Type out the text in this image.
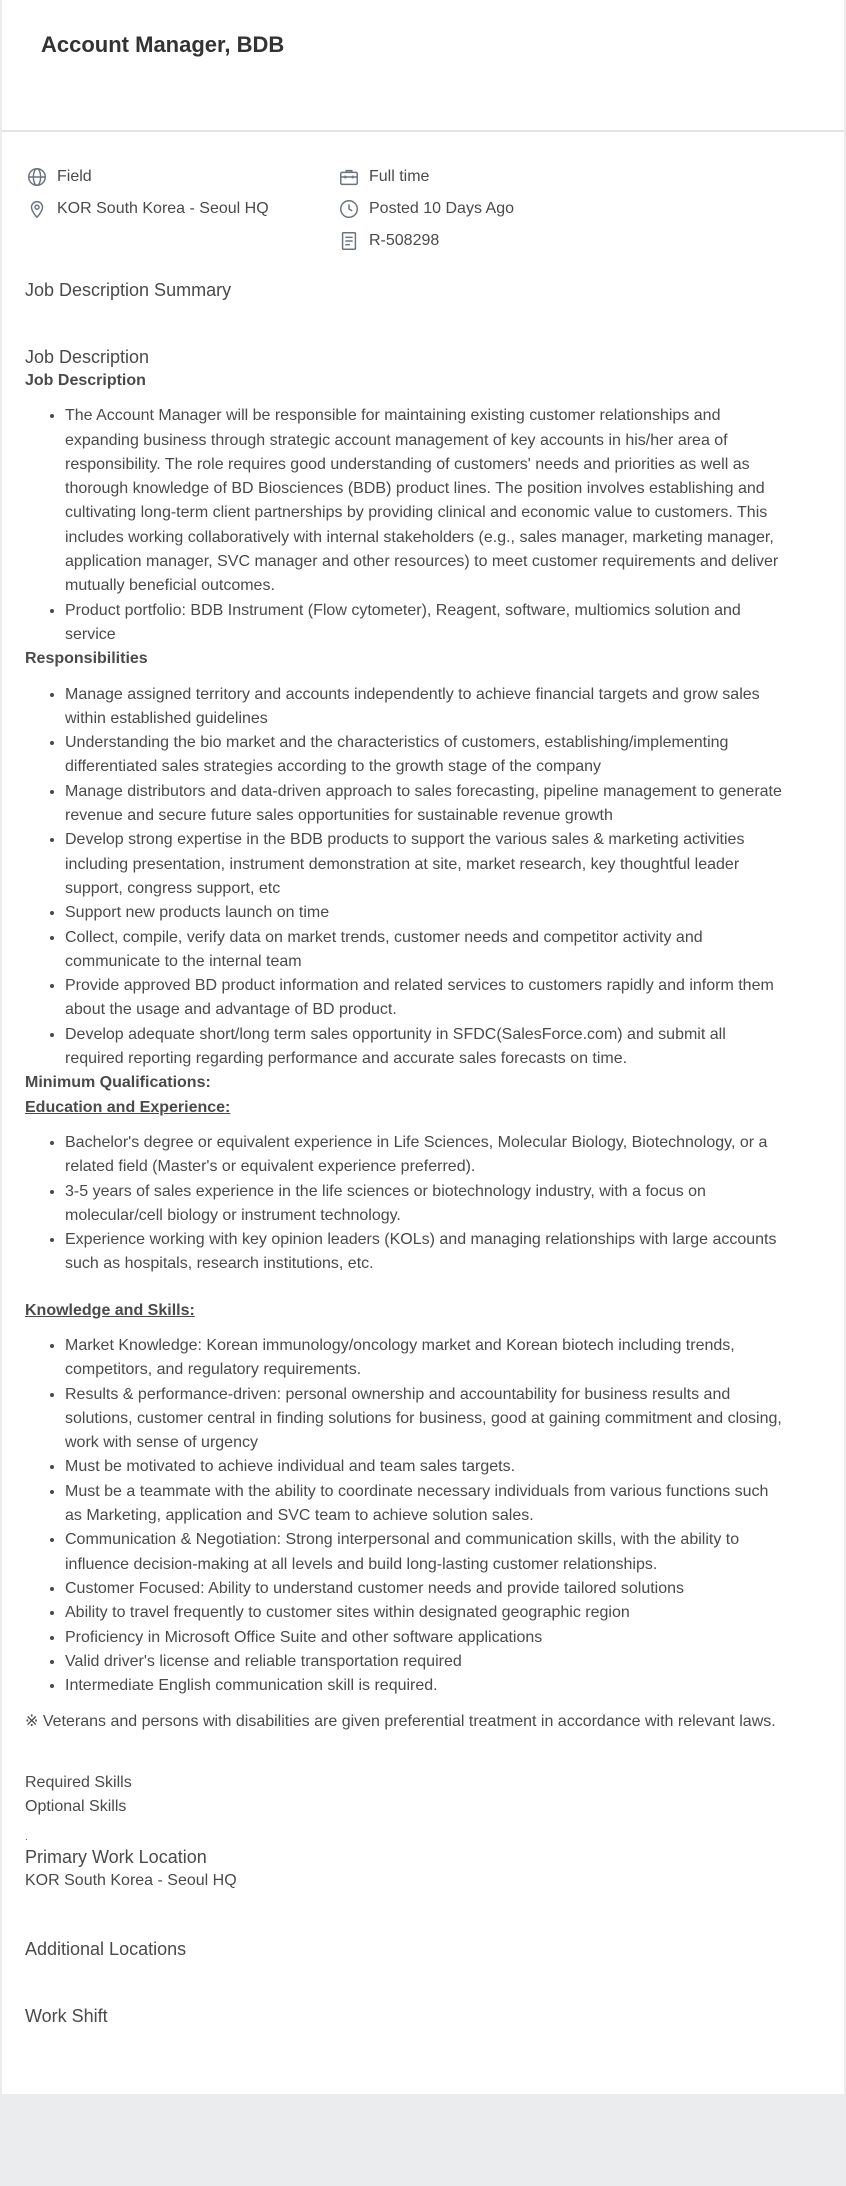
Account Manager, BDB
Field
KOR South Korea - Seoul HQ
Full time
Posted 10 Days Ago
R-508298
Job Description Summary
Job Description
Job Description
• The Account Manager will be responsible for maintaining existing customer relationships and expanding business through strategic account management of key accounts in his/her area of responsibility. The role requires good understanding of customers' needs and priorities as well as thorough knowledge of BD Biosciences (BDB) product lines. The position involves establishing and cultivating long-term client partnerships by providing clinical and economic value to customers. This includes working collaboratively with internal stakeholders (e.g., sales manager, marketing manager, application manager, SVC manager and other resources) to meet customer requirements and deliver mutually beneficial outcomes.
• Product portfolio: BDB Instrument (Flow cytometer), Reagent, software, multiomics solution and service
Responsibilities
• Manage assigned territory and accounts independently to achieve financial targets and grow sales within established guidelines
• Understanding the bio market and the characteristics of customers, establishing/implementing differentiated sales strategies according to the growth stage of the company
• Manage distributors and data-driven approach to sales forecasting, pipeline management to generate revenue and secure future sales opportunities for sustainable revenue growth
• Develop strong expertise in the BDB products to support the various sales & marketing activities including presentation, instrument demonstration at site, market research, key thoughtful leader support, congress support, etc
• Support new products launch on time
• Collect, compile, verify data on market trends, customer needs and competitor activity and communicate to the internal team
• Provide approved BD product information and related services to customers rapidly and inform them about the usage and advantage of BD product.
• Develop adequate short/long term sales opportunity in SFDC(SalesForce.com) and submit all required reporting regarding performance and accurate sales forecasts on time.
Minimum Qualifications:
Education and Experience:
• Bachelor's degree or equivalent experience in Life Sciences, Molecular Biology, Biotechnology, or a related field (Master's or equivalent experience preferred).
• 3-5 years of sales experience in the life sciences or biotechnology industry, with a focus on molecular/cell biology or instrument technology.
• Experience working with key opinion leaders (KOLs) and managing relationships with large accounts such as hospitals, research institutions, etc.
Knowledge and Skills:
• Market Knowledge: Korean immunology/oncology market and Korean biotech including trends, competitors, and regulatory requirements.
• Results & performance-driven: personal ownership and accountability for business results and solutions, customer central in finding solutions for business, good at gaining commitment and closing, work with sense of urgency
• Must be motivated to achieve individual and team sales targets.
• Must be a teammate with the ability to coordinate necessary individuals from various functions such as Marketing, application and SVC team to achieve solution sales.
• Communication & Negotiation: Strong interpersonal and communication skills, with the ability to influence decision-making at all levels and build long-lasting customer relationships.
• Customer Focused: Ability to understand customer needs and provide tailored solutions
• Ability to travel frequently to customer sites within designated geographic region
• Proficiency in Microsoft Office Suite and other software applications
• Valid driver's license and reliable transportation required
• Intermediate English communication skill is required.
※ Veterans and persons with disabilities are given preferential treatment in accordance with relevant laws.
Required Skills
Optional Skills
.
Primary Work Location
KOR South Korea - Seoul HQ
Additional Locations
Work Shift
